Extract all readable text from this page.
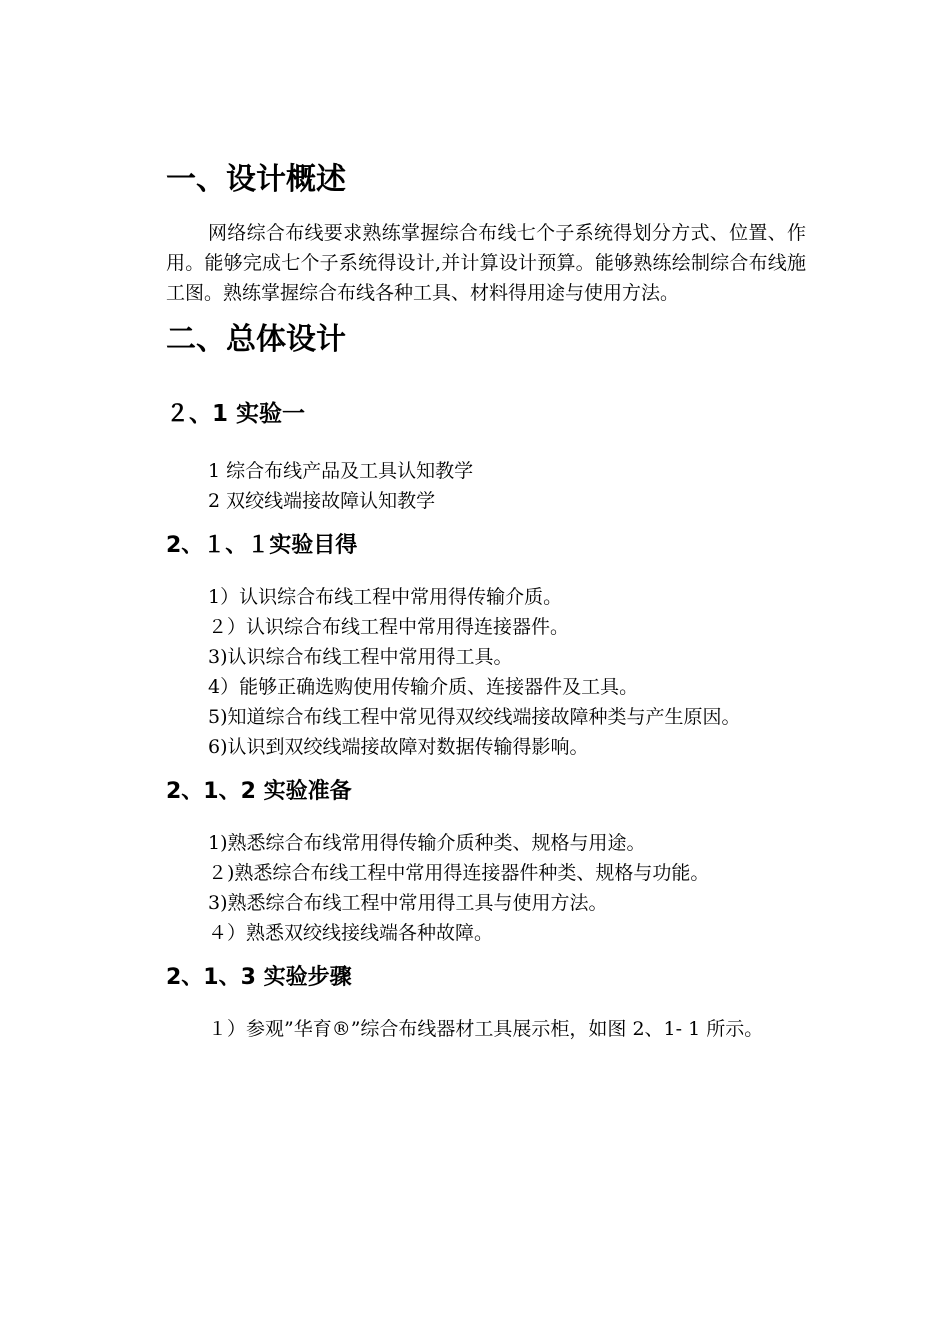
一、设计概述

网络综合布线要求熟练掌握综合布线七个子系统得划分方式、位置、作用。能够完成七个子系统得设计,并计算设计预算。能够熟练绘制综合布线施工图。熟练掌握综合布线各种工具、材料得用途与使用方法。

二、总体设计
２、1 实验一

1 综合布线产品及工具认知教学

2 双绞线端接故障认知教学

2、１、１实验目得

1）认识综合布线工程中常用得传输介质。

２）认识综合布线工程中常用得连接器件。

3)认识综合布线工程中常用得工具。

4）能够正确选购使用传输介质、连接器件及工具。

5)知道综合布线工程中常见得双绞线端接故障种类与产生原因。

6)认识到双绞线端接故障对数据传输得影响。

2、1、2 实验准备

1)熟悉综合布线常用得传输介质种类、规格与用途。

２)熟悉综合布线工程中常用得连接器件种类、规格与功能。

3)熟悉综合布线工程中常用得工具与使用方法。

４）熟悉双绞线接线端各种故障。

2、1、3 实验步骤

１）参观”华育®”综合布线器材工具展示柜，如图 2、1- 1 所示。
